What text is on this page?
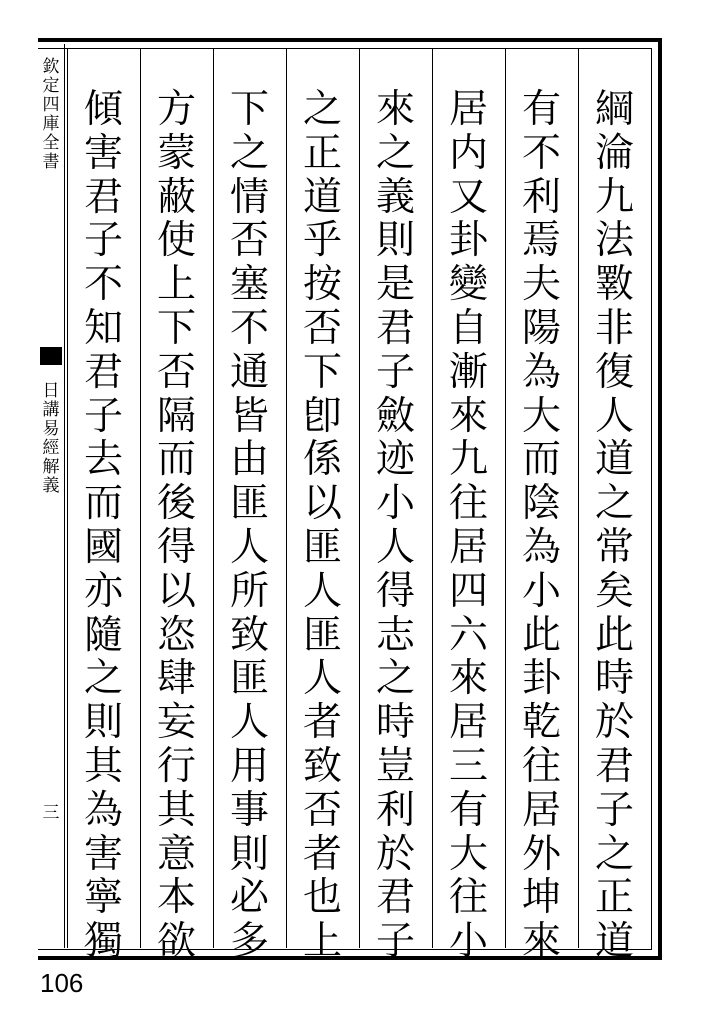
欽
定
四
庫
全
書
日
講
易
經
解
義
三
綱
淪
九
法
斁
非
復
人
道
之
常
矣
此
時
於
君
子
之
正
道
有
不
利
焉
夫
陽
為
大
而
陰
為
小
此
卦
乾
往
居
外
坤
來
居
内
又
卦
變
自
漸
來
九
往
居
四
六
來
居
三
有
大
往
小
來
之
義
則
是
君
子
斂
迹
小
人
得
志
之
時
豈
利
於
君
子
之
正
道
乎
按
否
下
卽
係
以
匪
人
匪
人
者
致
否
者
也
上
下
之
情
否
塞
不
通
皆
由
匪
人
所
致
匪
人
用
事
則
必
多
方
蒙
蔽
使
上
下
否
隔
而
後
得
以
恣
肆
妄
行
其
意
本
欲
傾
害
君
子
不
知
君
子
去
而
國
亦
隨
之
則
其
為
害
寧
獨
106
